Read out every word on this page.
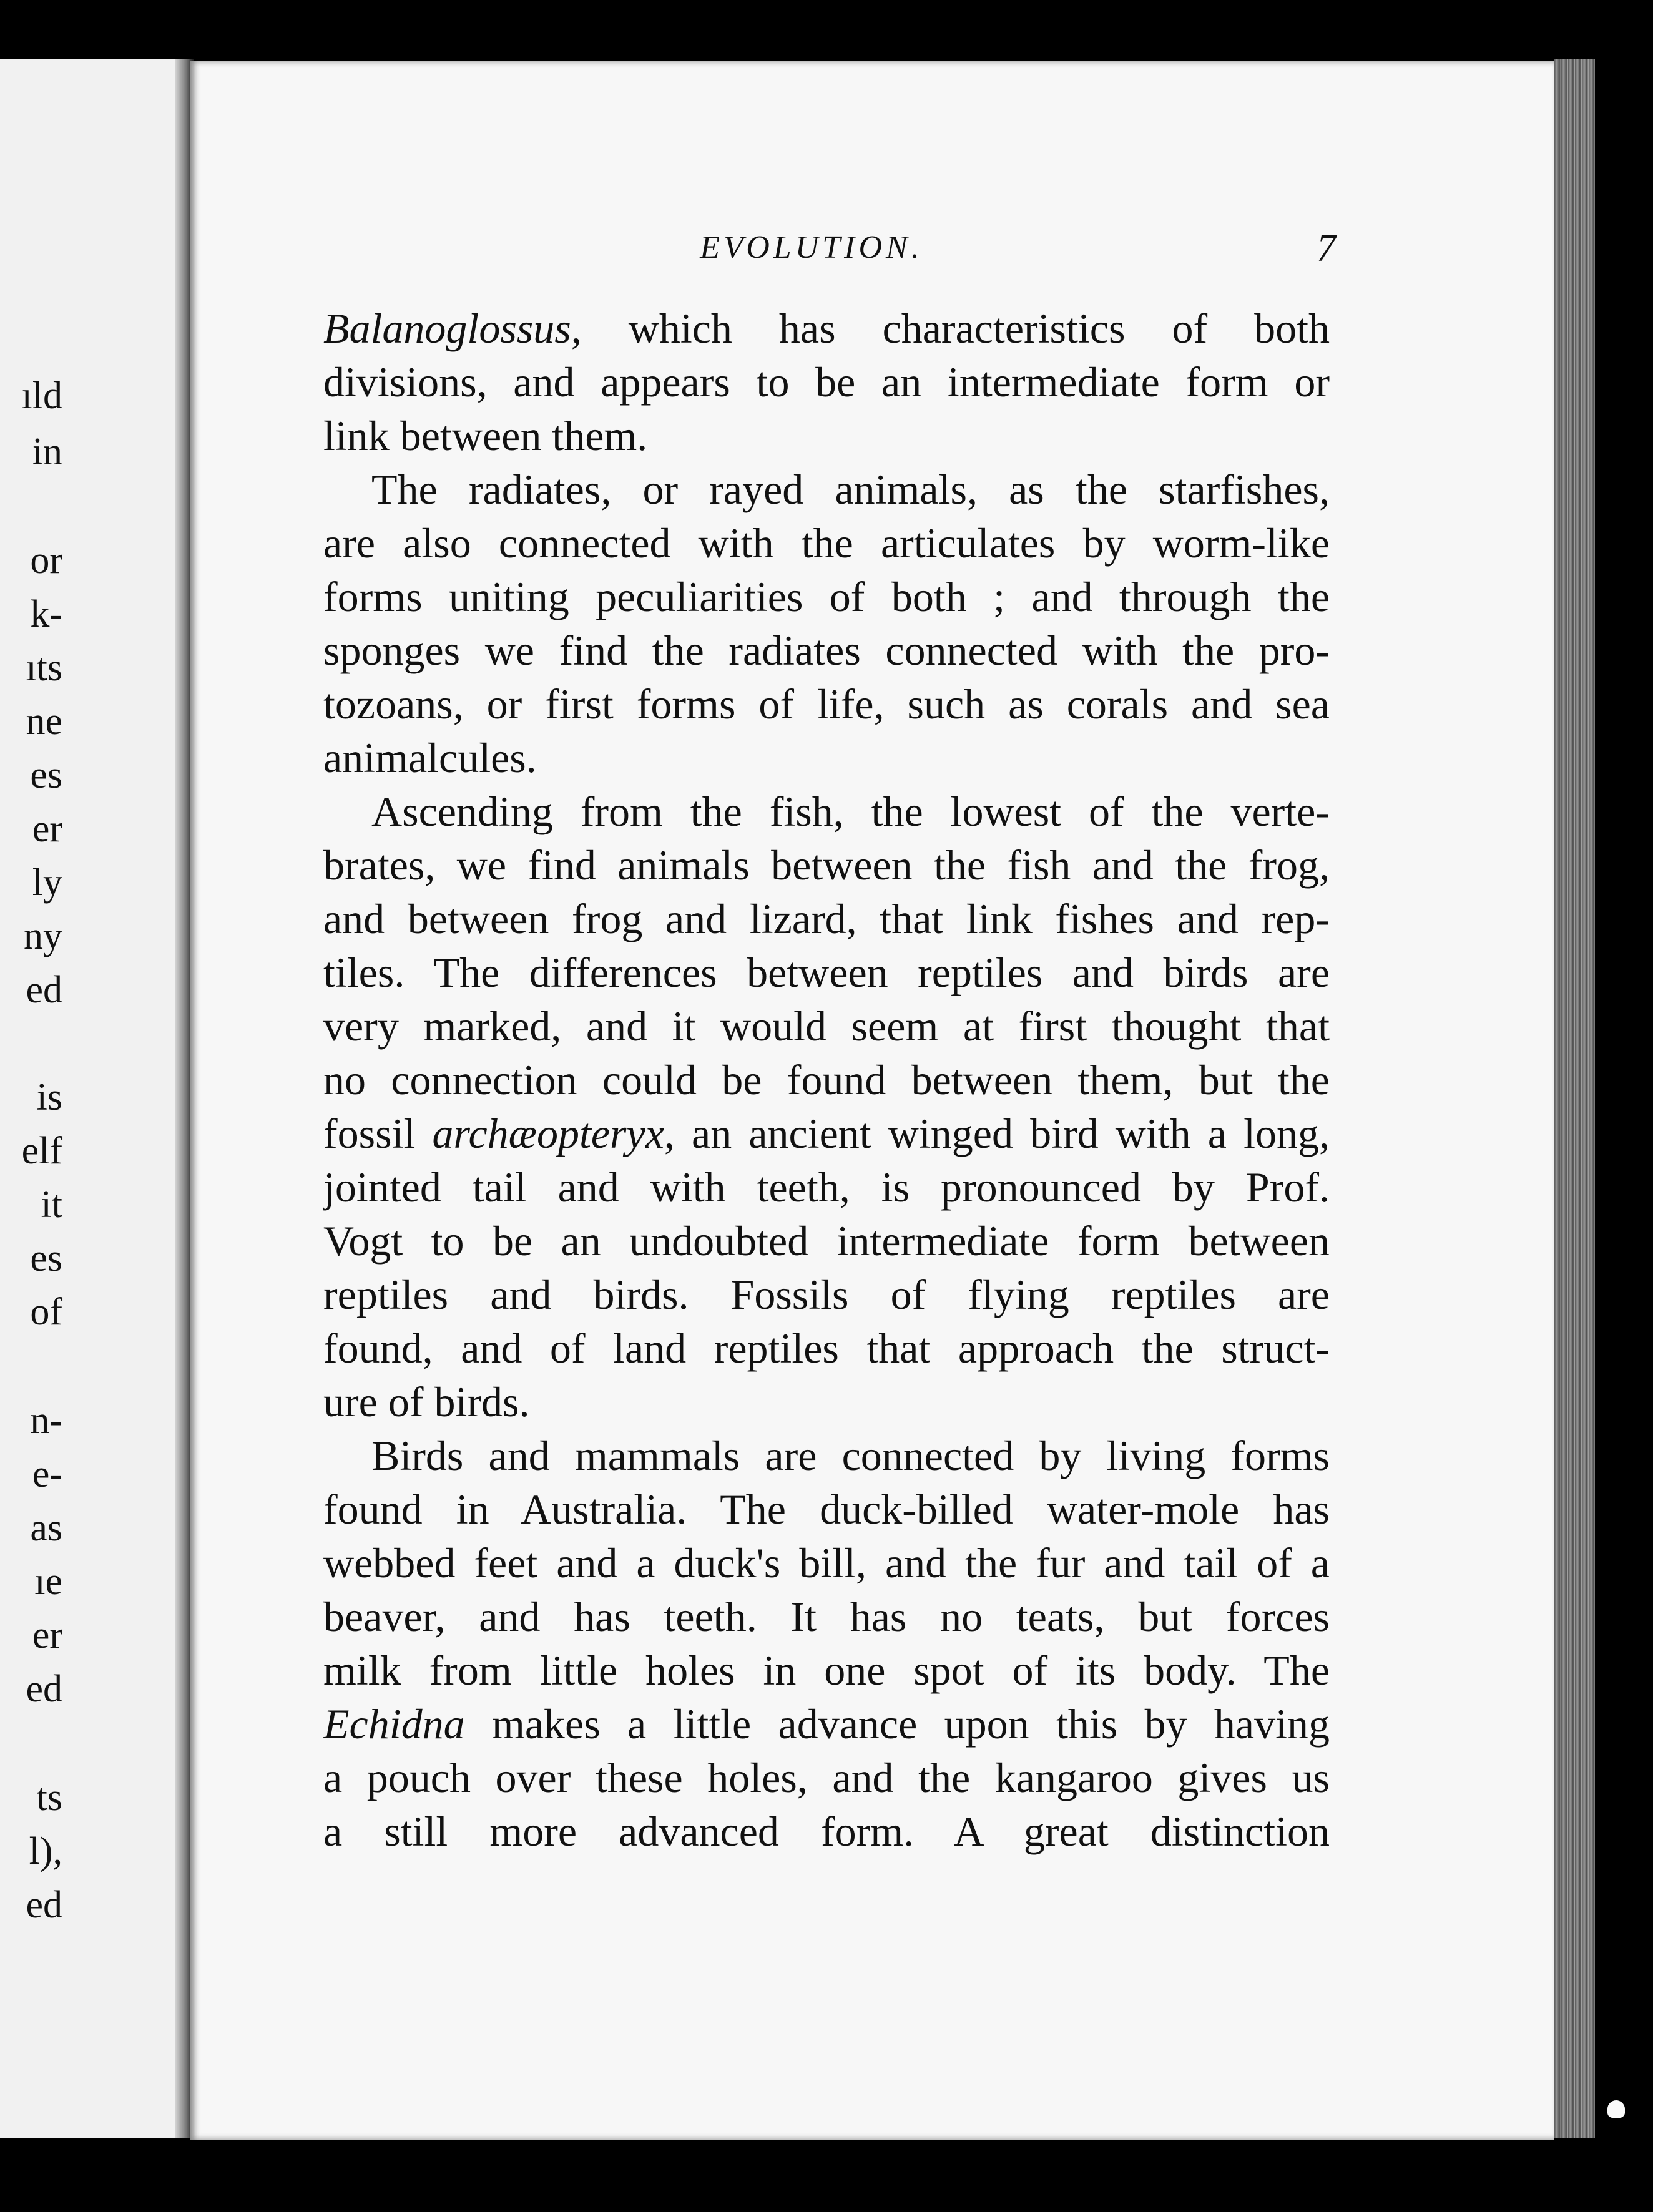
ıld
in
or
k-
ıts
ne
es
er
ly
ny
ed
is
elf
it
es
of
n-
e-
as
ıe
er
ed
ts
l),
ed
EVOLUTION.	7
Balanoglossus, which has characteristics of both
divisions, and appears to be an intermediate form or
link between them.
The radiates, or rayed animals, as the starfishes,
are also connected with the articulates by worm-like
forms uniting peculiarities of both ; and through the
sponges we find the radiates connected with the pro-
tozoans, or first forms of life, such as corals and sea
animalcules.
Ascending from the fish, the lowest of the verte-
brates, we find animals between the fish and the frog,
and between frog and lizard, that link fishes and rep-
tiles. The differences between reptiles and birds are
very marked, and it would seem at first thought that
no connection could be found between them, but the
fossil archæopteryx, an ancient winged bird with a long,
jointed tail and with teeth, is pronounced by Prof.
Vogt to be an undoubted intermediate form between
reptiles and birds. Fossils of flying reptiles are
found, and of land reptiles that approach the struct-
ure of birds.
Birds and mammals are connected by living forms
found in Australia. The duck-billed water-mole has
webbed feet and a duck's bill, and the fur and tail of a
beaver, and has teeth. It has no teats, but forces
milk from little holes in one spot of its body. The
Echidna makes a little advance upon this by having
a pouch over these holes, and the kangaroo gives us
a still more advanced form. A great distinction
